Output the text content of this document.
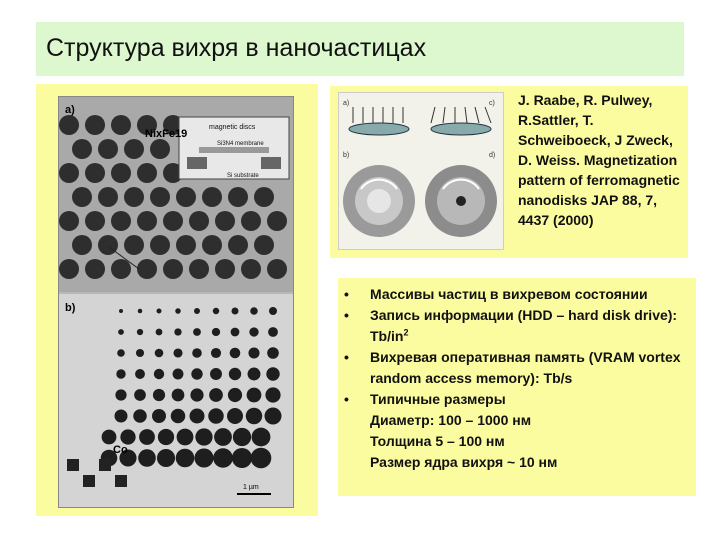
Структура вихря в наночастицах
magnetic discs
Si3N4 membrane
Si substrate
a)
NixFe19
b)
Co
1 µm
a)	c)
b)	d)
J. Raabe, R. Pulwey, R.Sattler, T. Schweiboeck, J Zweck, D. Weiss. Magnetization pattern of ferromagnetic nanodisks JAP 88, 7, 4437 (2000)
•	Массивы частиц в вихревом состоянии
•	Запись информации (HDD – hard disk drive): $Tb/in^2$
•	Вихревая оперативная память (VRAM vortex random access memory): Tb/s
•	Типичные размеры
Диаметр: 100 – 1000 нм
Толщина 5 – 100 нм
Размер ядра вихря ~ 10 нм
